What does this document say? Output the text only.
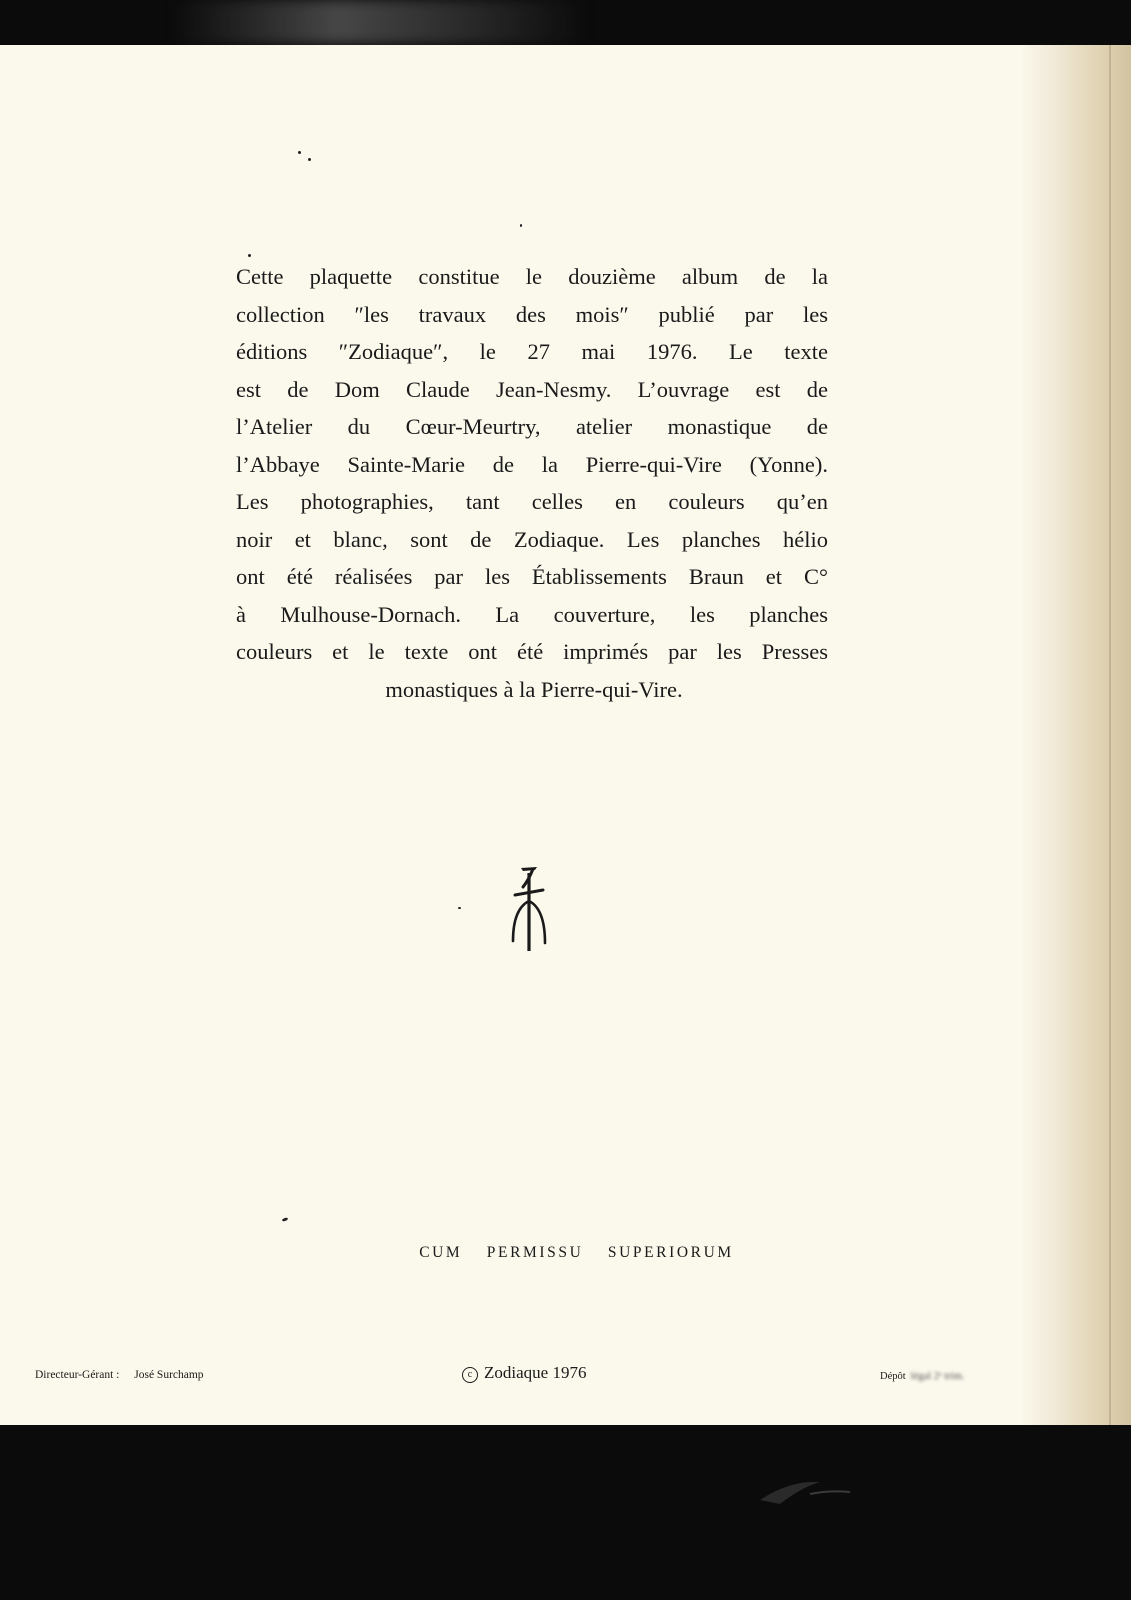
Cette plaquette constitue le douzième album de la
collection ″les travaux des mois″ publié par les
éditions ″Zodiaque″, le 27 mai 1976. Le texte
est de Dom Claude Jean-Nesmy. L’ouvrage est de
l’Atelier du Cœur-Meurtry, atelier monastique de
l’Abbaye Sainte-Marie de la Pierre-qui-Vire (Yonne).
Les photographies, tant celles en couleurs qu’en
noir et blanc, sont de Zodiaque. Les planches hélio
ont été réalisées par les Établissements Braun et C°
à Mulhouse-Dornach. La couverture, les planches
couleurs et le texte ont été imprimés par les Presses
monastiques à la Pierre-qui-Vire.
CUM PERMISSU SUPERIORUM
Directeur-Gérant : José Surchamp	c Zodiaque 1976	Dépôt légal 2ᵉ trim.
